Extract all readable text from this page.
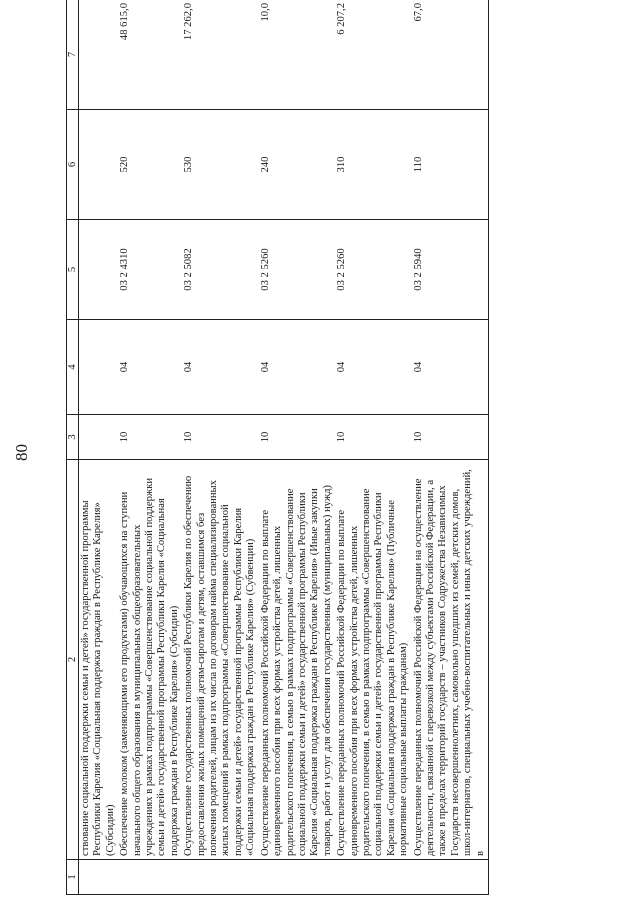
80
1	2	3	4	5	6	7
	ствование социальной поддержки семьи и детей» государственной программы Республики Карелия «Социальная поддержка граждан в Республике Карелия» (Субсидии)					
	Обеспечение молоком (заменяющими его продуктами) обучающихся на ступени начального общего образования в муниципальных общеобразовательных учреждениях в рамках подпрограммы «Совершенствование социальной поддержки семьи и детей» государственной программы Республики Карелия «Социальная поддержка граждан в Республике Карелия» (Субсидии)	10	04	03 2 4310	520	48 615,0
	Осуществление государственных полномочий Республики Карелия по обеспечению предоставления жилых помещений детям-сиротам и детям, оставшимся без попечения родителей, лицам из их числа по договорам найма специализированных жилых помещений в рамках подпрограммы «Совершенствование социальной поддержки семьи и детей» государственной программы Республики Карелия «Социальная поддержка граждан в Республике Карелия» (Субвенции)	10	04	03 2 5082	530	17 262,0
	Осуществление переданных полномочий Российской Федерации по выплате единовременного пособия при всех формах устройства детей, лишенных родительского попечения, в семью в рамках подпрограммы «Совершенствование социальной поддержки семьи и детей» государственной программы Республики Карелия «Социальная поддержка граждан в Республике Карелия» (Иные закупки товаров, работ и услуг для обеспечения государственных (муниципальных) нужд)	10	04	03 2 5260	240	10,0
	Осуществление переданных полномочий Российской Федерации по выплате единовременного пособия при всех формах устройства детей, лишенных родительского попечения, в семью в рамках подпрограммы «Совершенствование социальной поддержки семьи и детей» государственной программы Республики Карелия «Социальная поддержка граждан в Республике Карелия» (Публичные нормативные социальные выплаты гражданам)	10	04	03 2 5260	310	6 207,2
	Осуществление переданных полномочий Российской Федерации на осуществление деятельности, связанной с перевозкой между субъектами Российской Федерации, а также в пределах территорий государств – участников Содружества Независимых Государств несовершеннолетних, самовольно ушедших из семей, детских домов, школ-интернатов, специальных учебно-воспитательных и иных детских учреждений, в	10	04	03 2 5940	110	67,0
